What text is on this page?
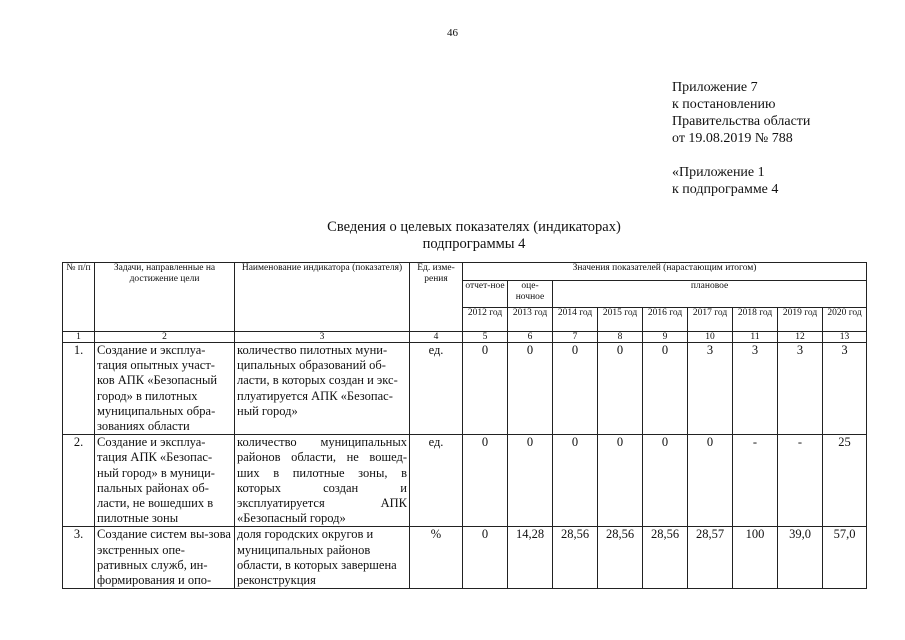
46
Приложение 7
к постановлению
Правительства области
от 19.08.2019 № 788
«Приложение 1
к подпрограмме 4
Сведения о целевых показателях (индикаторах)
подпрограммы 4
№ п/п	Задачи, направленные на достижение цели	Наименование индикатора (показателя)	Ед. изме-рения	Значения показателей (нарастающим итогом)								
				отчет-ное	оце-ночное	плановое						
				2012 год	2013 год	2014 год	2015 год	2016 год	2017 год	2018 год	2019 год	2020 год
1	2	3	4	5	6	7	8	9	10	11	12	13
1.	Создание и эксплуа-тация опытных участ-ков АПК «Безопасный город» в пилотных муниципальных обра-зованиях области	количество пилотных муни-ципальных образований об-ласти, в которых создан и экс-плуатируется АПК «Безопас-ный город»	ед.	0	0	0	0	0	3	3	3	3
2.	Создание и эксплуа-тация АПК «Безопас-ный город» в муници-пальных районах об-ласти, не вошедших в пилотные зоны	количество муниципальных районов области, не вошед-ших в пилотные зоны, в которых создан и эксплуатируется АПК «Безопасный город»	ед.	0	0	0	0	0	0	-	-	25
3.	Создание систем вы-зова экстренных опе-ративных служб, ин-формирования и опо-	доля городских округов и муниципальных районов области, в которых завершена реконструкция	%	0	14,28	28,56	28,56	28,56	28,57	100	39,0	57,0
